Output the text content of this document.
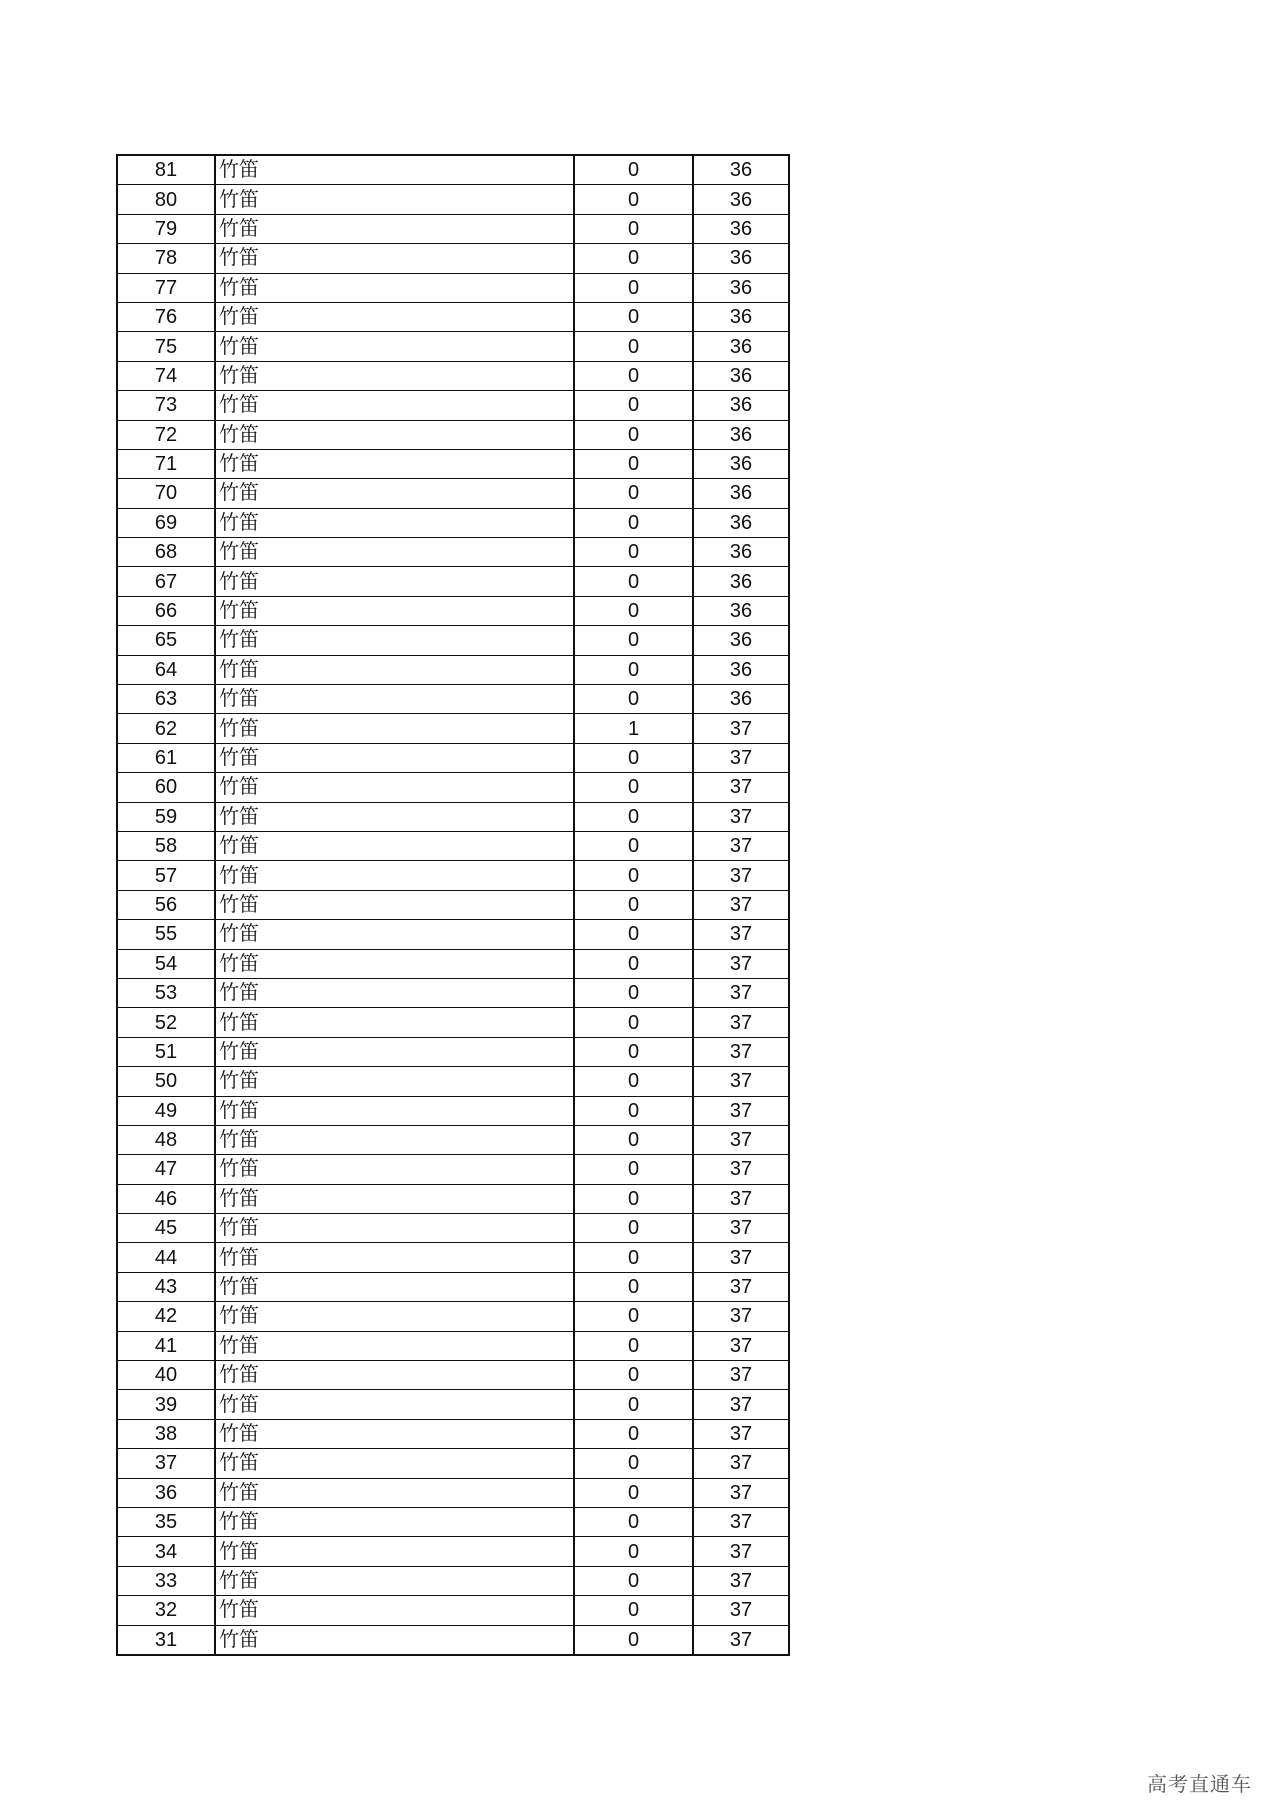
81	竹笛	0	36
80	竹笛	0	36
79	竹笛	0	36
78	竹笛	0	36
77	竹笛	0	36
76	竹笛	0	36
75	竹笛	0	36
74	竹笛	0	36
73	竹笛	0	36
72	竹笛	0	36
71	竹笛	0	36
70	竹笛	0	36
69	竹笛	0	36
68	竹笛	0	36
67	竹笛	0	36
66	竹笛	0	36
65	竹笛	0	36
64	竹笛	0	36
63	竹笛	0	36
62	竹笛	1	37
61	竹笛	0	37
60	竹笛	0	37
59	竹笛	0	37
58	竹笛	0	37
57	竹笛	0	37
56	竹笛	0	37
55	竹笛	0	37
54	竹笛	0	37
53	竹笛	0	37
52	竹笛	0	37
51	竹笛	0	37
50	竹笛	0	37
49	竹笛	0	37
48	竹笛	0	37
47	竹笛	0	37
46	竹笛	0	37
45	竹笛	0	37
44	竹笛	0	37
43	竹笛	0	37
42	竹笛	0	37
41	竹笛	0	37
40	竹笛	0	37
39	竹笛	0	37
38	竹笛	0	37
37	竹笛	0	37
36	竹笛	0	37
35	竹笛	0	37
34	竹笛	0	37
33	竹笛	0	37
32	竹笛	0	37
31	竹笛	0	37
高考直通车
